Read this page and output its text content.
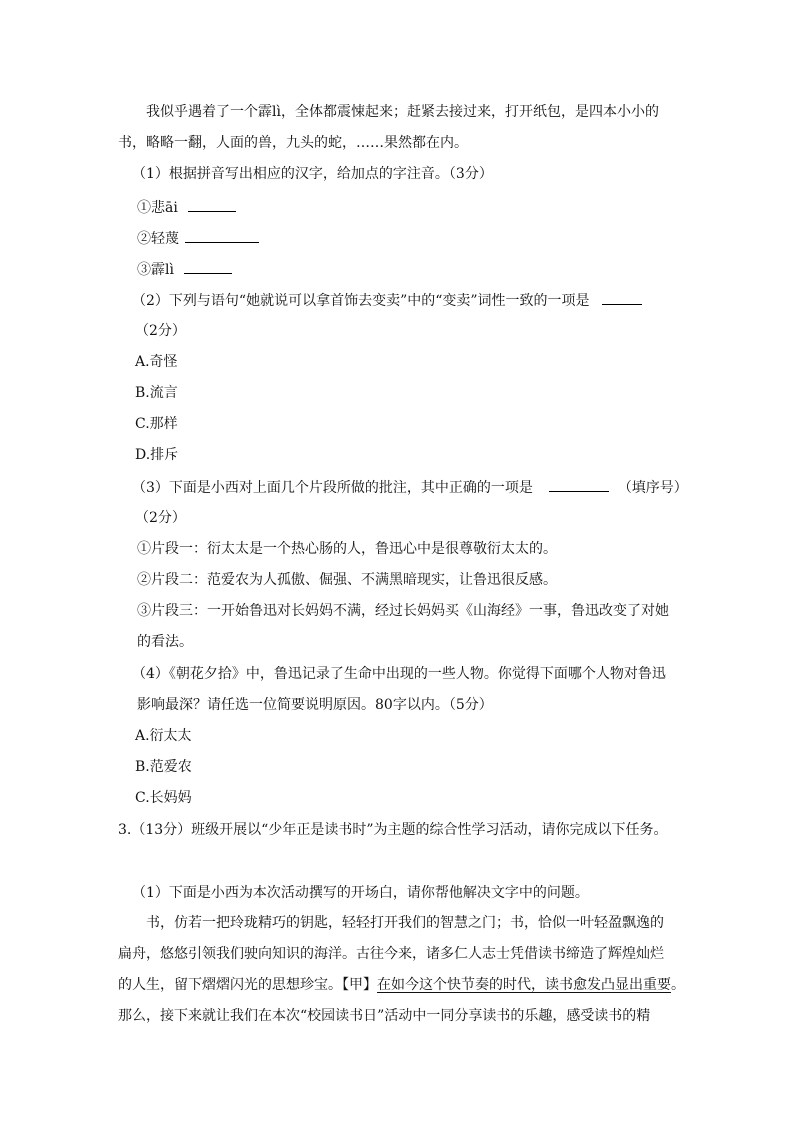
我似乎遇着了一个霹lì，全体都震悚起来；赶紧去接过来，打开纸包，是四本小小的
书，略略一翻，人面的兽，九头的蛇，……果然都在内。
（1）根据拼音写出相应的汉字，给加点的字注音。（3分）
①悲āi
②轻蔑
③霹lì
（2）下列与语句“她就说可以拿首饰去变卖”中的“变卖”词性一致的一项是
（2分）
A.奇怪
B.流言
C.那样
D.排斥
（3）下面是小西对上面几个片段所做的批注，其中正确的一项是	（填序号）
（2分）
①片段一：衍太太是一个热心肠的人，鲁迅心中是很尊敬衍太太的。
②片段二：范爱农为人孤傲、倔强、不满黑暗现实，让鲁迅很反感。
③片段三：一开始鲁迅对长妈妈不满，经过长妈妈买《山海经》一事，鲁迅改变了对她
的看法。
（4）《朝花夕拾》中，鲁迅记录了生命中出现的一些人物。你觉得下面哪个人物对鲁迅
影响最深？请任选一位简要说明原因。80字以内。（5分）
A.衍太太
B.范爱农
C.长妈妈
3.（13分）班级开展以“少年正是读书时”为主题的综合性学习活动，请你完成以下任务。
（1）下面是小西为本次活动撰写的开场白，请你帮他解决文字中的问题。
书，仿若一把玲珑精巧的钥匙，轻轻打开我们的智慧之门；书，恰似一叶轻盈飘逸的
扁舟，悠悠引领我们驶向知识的海洋。古往今来，诸多仁人志士凭借读书缔造了辉煌灿烂
的人生，留下熠熠闪光的思想珍宝。【甲】在如今这个快节奏的时代，读书愈发凸显出重要。
那么，接下来就让我们在本次“校园读书日”活动中一同分享读书的乐趣，感受读书的精
